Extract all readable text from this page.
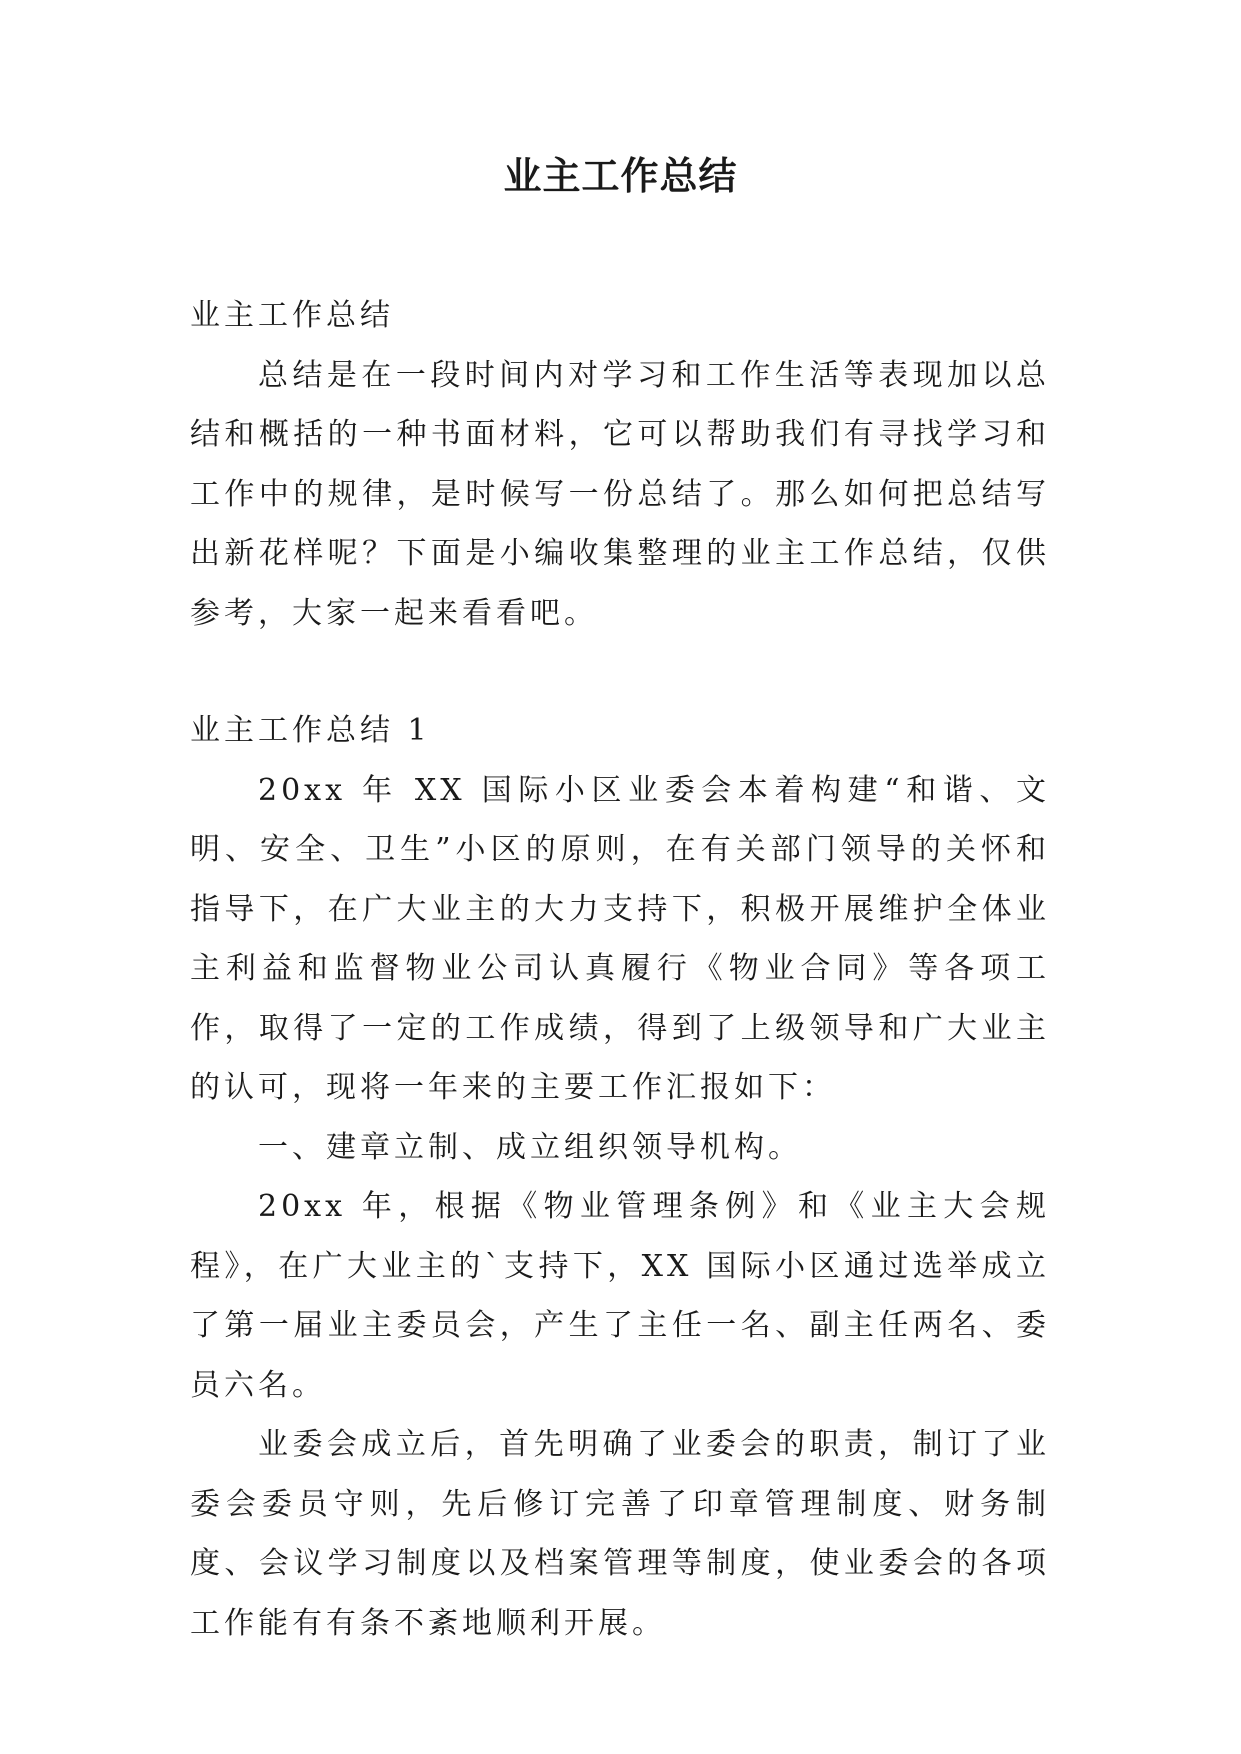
业主工作总结

业主工作总结

总结是在一段时间内对学习和工作生活等表现加以总结和概括的一种书面材料，它可以帮助我们有寻找学习和工作中的规律，是时候写一份总结了。那么如何把总结写出新花样呢？下面是小编收集整理的业主工作总结，仅供参考，大家一起来看看吧。

业主工作总结 1

20xx 年 XX 国际小区业委会本着构建“和谐、文明、安全、卫生”小区的原则，在有关部门领导的关怀和指导下，在广大业主的大力支持下，积极开展维护全体业主利益和监督物业公司认真履行《物业合同》等各项工作，取得了一定的工作成绩，得到了上级领导和广大业主的认可，现将一年来的主要工作汇报如下：

一、建章立制、成立组织领导机构。

20xx 年，根据《物业管理条例》和《业主大会规程》，在广大业主的`支持下，XX 国际小区通过选举成立了第一届业主委员会，产生了主任一名、副主任两名、委员六名。

业委会成立后，首先明确了业委会的职责，制订了业委会委员守则，先后修订完善了印章管理制度、财务制度、会议学习制度以及档案管理等制度，使业委会的各项工作能有有条不紊地顺利开展。
